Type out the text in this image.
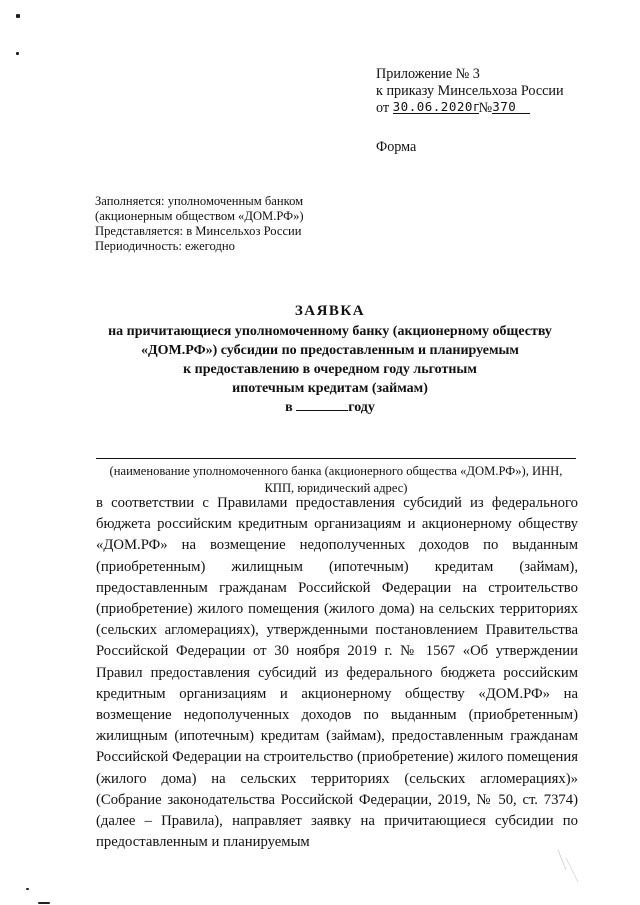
Приложение № 3
к приказу Минсельхоза России
от 30.06.2020г№370
Форма
Заполняется: уполномоченным банком
(акционерным обществом «ДОМ.РФ»)
Представляется: в Минсельхоз России
Периодичность: ежегодно
ЗАЯВКА
на причитающиеся уполномоченному банку (акционерному обществу
«ДОМ.РФ») субсидии по предоставленным и планируемым
к предоставлению в очередном году льготным
ипотечным кредитам (займам)
в	году
(наименование уполномоченного банка (акционерного общества «ДОМ.РФ»), ИНН,
КПП, юридический адрес)
в соответствии с Правилами предоставления субсидий из федерального бюджета российским кредитным организациям и акционерному обществу «ДОМ.РФ» на возмещение недополученных доходов по выданным (приобретенным) жилищным (ипотечным) кредитам (займам), предоставленным гражданам Российской Федерации на строительство (приобретение) жилого помещения (жилого дома) на сельских территориях (сельских агломерациях), утвержденными постановлением Правительства Российской Федерации от 30 ноября 2019 г. № 1567 «Об утверждении Правил предоставления субсидий из федерального бюджета российским кредитным организациям и акционерному обществу «ДОМ.РФ» на возмещение недополученных доходов по выданным (приобретенным) жилищным (ипотечным) кредитам (займам), предоставленным гражданам Российской Федерации на строительство (приобретение) жилого помещения (жилого дома) на сельских территориях (сельских агломерациях)» (Собрание законодательства Российской Федерации, 2019, № 50, ст. 7374) (далее – Правила), направляет заявку на причитающиеся субсидии по предоставленным и планируемым
